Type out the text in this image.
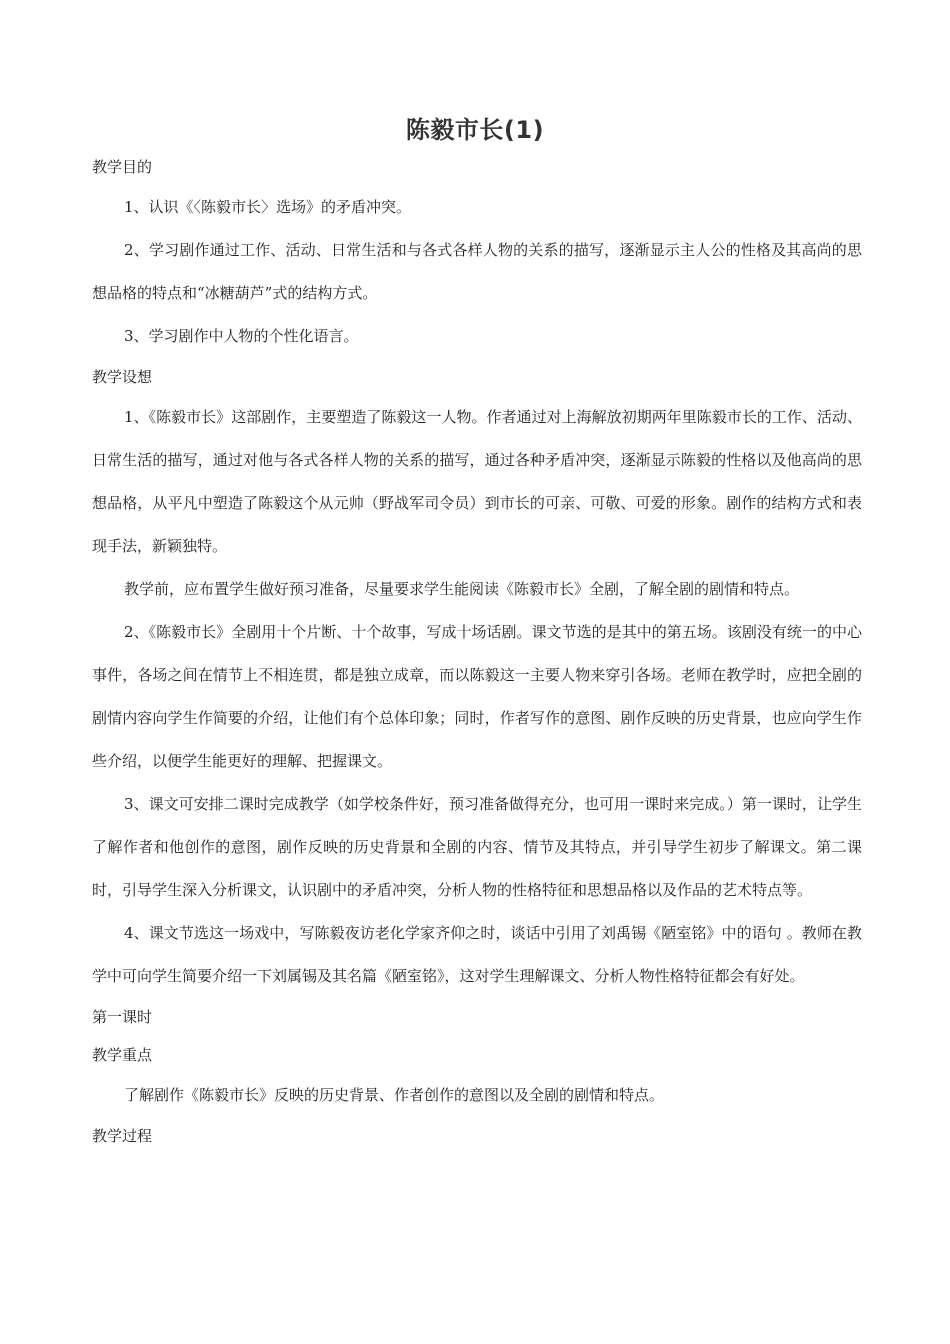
陈毅市长(1)

教学目的

1、认识《〈陈毅市长〉选场》的矛盾冲突。

2、学习剧作通过工作、活动、日常生活和与各式各样人物的关系的描写，逐渐显示主人公的性格及其高尚的思想品格的特点和“冰糖葫芦”式的结构方式。

3、学习剧作中人物的个性化语言。

教学设想

1、《陈毅市长》这部剧作，主要塑造了陈毅这一人物。作者通过对上海解放初期两年里陈毅市长的工作、活动、日常生活的描写，通过对他与各式各样人物的关系的描写，通过各种矛盾冲突，逐渐显示陈毅的性格以及他高尚的思想品格，从平凡中塑造了陈毅这个从元帅（野战军司令员）到市长的可亲、可敬、可爱的形象。剧作的结构方式和表现手法，新颖独特。

教学前，应布置学生做好预习准备，尽量要求学生能阅读《陈毅市长》全剧，了解全剧的剧情和特点。

2、《陈毅市长》全剧用十个片断、十个故事，写成十场话剧。课文节选的是其中的第五场。该剧没有统一的中心事件，各场之间在情节上不相连贯，都是独立成章，而以陈毅这一主要人物来穿引各场。老师在教学时，应把全剧的剧情内容向学生作简要的介绍，让他们有个总体印象；同时，作者写作的意图、剧作反映的历史背景，也应向学生作些介绍，以便学生能更好的理解、把握课文。

3、课文可安排二课时完成教学（如学校条件好，预习准备做得充分，也可用一课时来完成。）第一课时，让学生了解作者和他创作的意图，剧作反映的历史背景和全剧的内容、情节及其特点，并引导学生初步了解课文。第二课时，引导学生深入分析课文，认识剧中的矛盾冲突，分析人物的性格特征和思想品格以及作品的艺术特点等。

4、课文节选这一场戏中，写陈毅夜访老化学家齐仰之时，谈话中引用了刘禹锡《陋室铭》中的语句 。教师在教学中可向学生简要介绍一下刘属锡及其名篇《陋室铭》，这对学生理解课文、分析人物性格特征都会有好处。

第一课时

教学重点

了解剧作《陈毅市长》反映的历史背景、作者创作的意图以及全剧的剧情和特点。

教学过程
